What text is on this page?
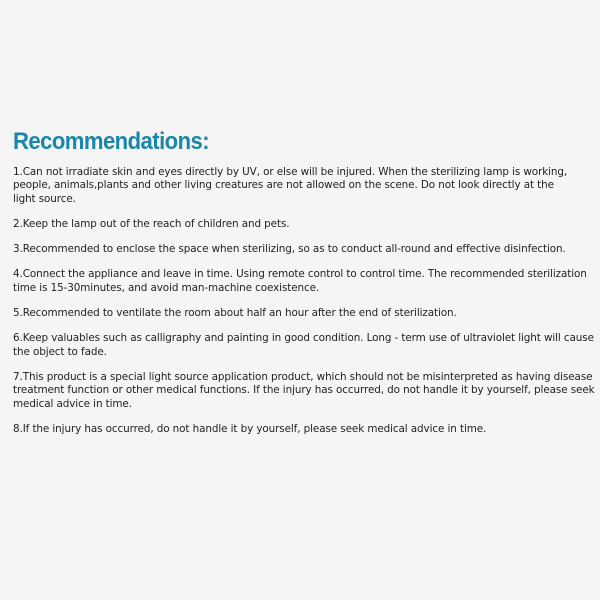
Recommendations:

1.Can not irradiate skin and eyes directly by UV, or else will be injured. When the sterilizing lamp is working,
people, animals,plants and other living creatures are not allowed on the scene. Do not look directly at the
light source.

2.Keep the lamp out of the reach of children and pets.

3.Recommended to enclose the space when sterilizing, so as to conduct all-round and effective disinfection.

4.Connect the appliance and leave in time. Using remote control to control time. The recommended sterilization
time is 15-30minutes, and avoid man-machine coexistence.

5.Recommended to ventilate the room about half an hour after the end of sterilization.

6.Keep valuables such as calligraphy and painting in good condition. Long - term use of ultraviolet light will cause
the object to fade.

7.This product is a special light source application product, which should not be misinterpreted as having disease
treatment function or other medical functions. If the injury has occurred, do not handle it by yourself, please seek
medical advice in time.

8.If the injury has occurred, do not handle it by yourself, please seek medical advice in time.
